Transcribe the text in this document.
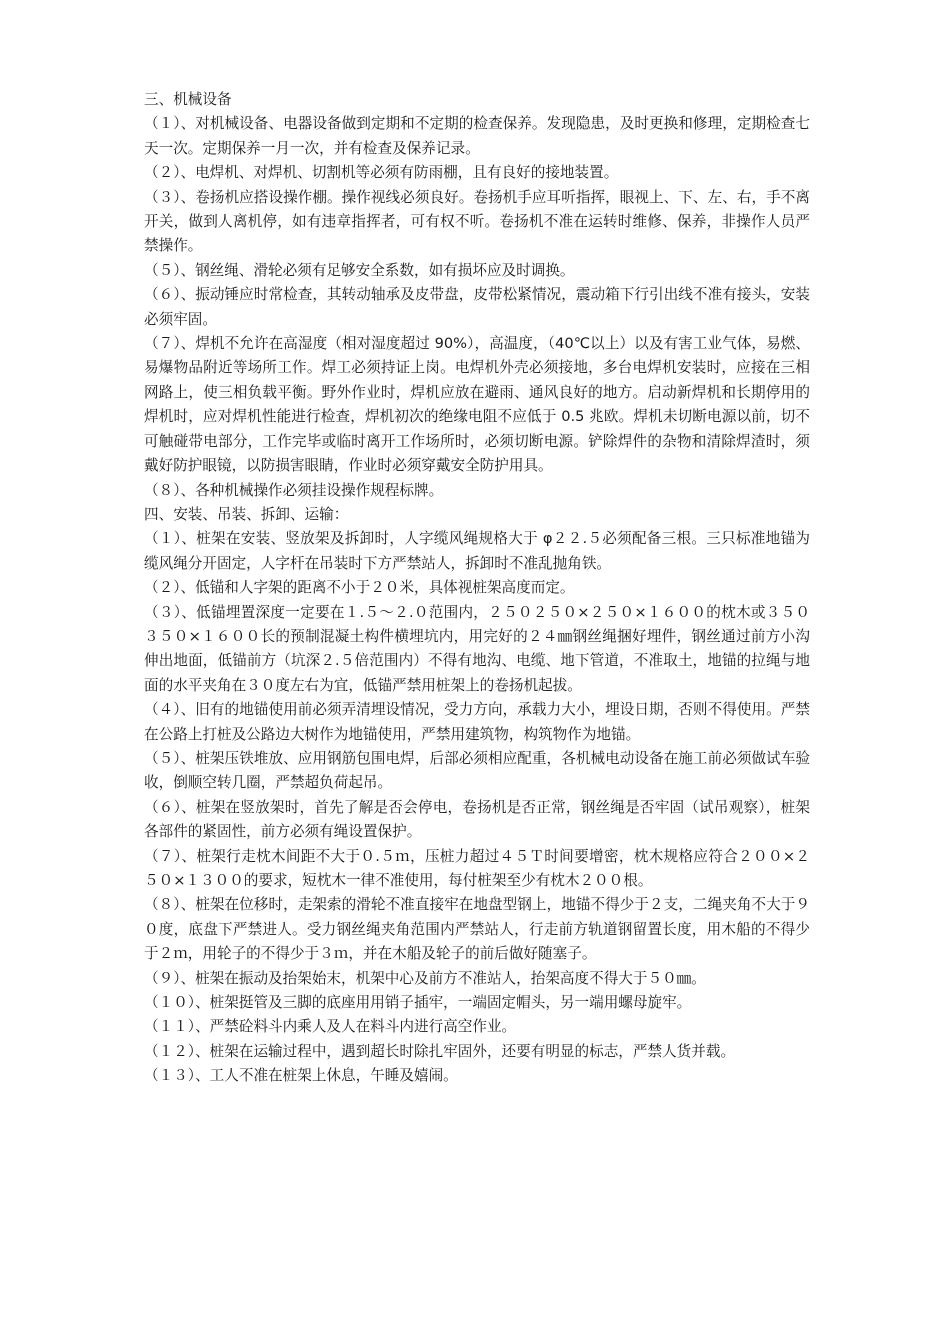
三、机械设备

（１）、对机械设备、电器设备做到定期和不定期的检查保养。发现隐患，及时更换和修理，定期检查七天一次。定期保养一月一次，并有检查及保养记录。

（２）、电焊机、对焊机、切割机等必须有防雨棚，且有良好的接地装置。

（３）、卷扬机应搭设操作棚。操作视线必须良好。卷扬机手应耳听指挥，眼视上、下、左、右，手不离开关，做到人离机停，如有违章指挥者，可有权不听。卷扬机不准在运转时维修、保养，非操作人员严禁操作。

（５）、钢丝绳、滑轮必须有足够安全系数，如有损坏应及时调换。

（６）、振动锤应时常检查，其转动轴承及皮带盘，皮带松紧情况，震动箱下行引出线不准有接头，安装必须牢固。

（７）、焊机不允许在高湿度（相对湿度超过 90%），高温度，（40℃以上）以及有害工业气体，易燃、易爆物品附近等场所工作。焊工必须持证上岗。电焊机外壳必须接地，多台电焊机安装时，应接在三相网路上，使三相负载平衡。野外作业时，焊机应放在避雨、通风良好的地方。启动新焊机和长期停用的焊机时，应对焊机性能进行检查，焊机初次的绝缘电阻不应低于 0.5 兆欧。焊机未切断电源以前，切不可触碰带电部分，工作完毕或临时离开工作场所时，必须切断电源。铲除焊件的杂物和清除焊渣时，须戴好防护眼镜，以防损害眼睛，作业时必须穿戴安全防护用具。

（８）、各种机械操作必须挂设操作规程标牌。

四、安装、吊装、拆卸、运输：

（１）、桩架在安装、竖放架及拆卸时，人字缆风绳规格大于 φ２２.５必须配备三根。三只标准地锚为缆风绳分开固定，人字杆在吊装时下方严禁站人，拆卸时不准乱抛角铁。

（２）、低锚和人字架的距离不小于２０米，具体视桩架高度而定。

（３）、低锚埋置深度一定要在１.５～２.０范围内，２５０２５０×２５０×１６００的枕木或３５０３５０×１６００长的预制混凝土构件横埋坑内，用完好的２４㎜钢丝绳捆好埋件，钢丝通过前方小沟伸出地面，低锚前方（坑深２.５倍范围内）不得有地沟、电缆、地下管道，不准取土，地锚的拉绳与地面的水平夹角在３０度左右为宜，低锚严禁用桩架上的卷扬机起拔。

（４）、旧有的地锚使用前必须弄清埋设情况，受力方向，承载力大小，埋设日期，否则不得使用。严禁在公路上打桩及公路边大树作为地锚使用，严禁用建筑物，构筑物作为地锚。

（５）、桩架压铁堆放、应用钢筋包围电焊，后部必须相应配重，各机械电动设备在施工前必须做试车验收，倒顺空转几圈，严禁超负荷起吊。

（６）、桩架在竖放架时，首先了解是否会停电，卷扬机是否正常，钢丝绳是否牢固（试吊观察），桩架各部件的紧固性，前方必须有绳设置保护。

（７）、桩架行走枕木间距不大于０.５ｍ，压桩力超过４５Ｔ时间要增密，枕木规格应符合２００×２５０×１３００的要求，短枕木一律不准使用，每付桩架至少有枕木２００根。

（８）、桩架在位移时，走架索的滑轮不准直接牢在地盘型钢上，地锚不得少于２支，二绳夹角不大于９０度，底盘下严禁进人。受力钢丝绳夹角范围内严禁站人，行走前方轨道钢留置长度，用木船的不得少于２ｍ，用轮子的不得少于３ｍ，并在木船及轮子的前后做好随塞子。

（９）、桩架在振动及抬架始末，机架中心及前方不准站人，抬架高度不得大于５０㎜。

（１０）、桩架挺管及三脚的底座用用销子插牢，一端固定帽头，另一端用螺母旋牢。

（１１）、严禁砼料斗内乘人及人在料斗内进行高空作业。

（１２）、桩架在运输过程中，遇到超长时除扎牢固外，还要有明显的标志，严禁人货并载。

（１３）、工人不准在桩架上休息，午睡及嬉闹。
